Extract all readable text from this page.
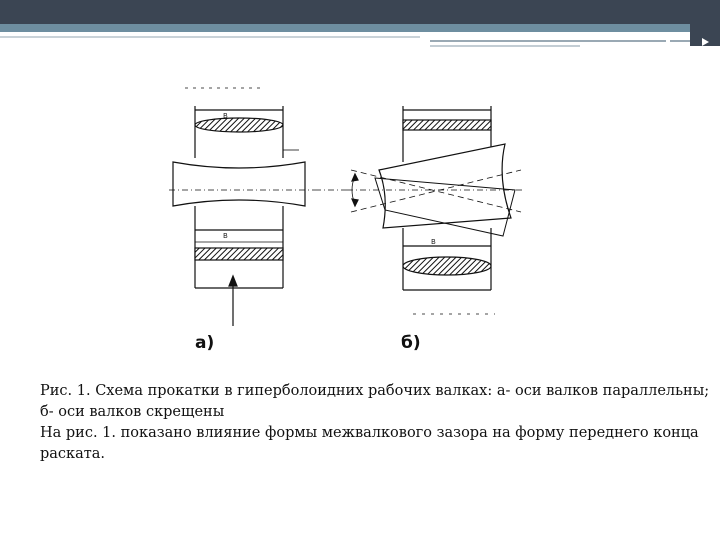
B
B
а)
B
б)

Рис. 1. Схема прокатки в гиперболоидних рабочих валках: а- оси валков параллельны; б- оси валков скрещены

На рис. 1. показано влияние формы межвалкового зазора на форму переднего конца раската.
